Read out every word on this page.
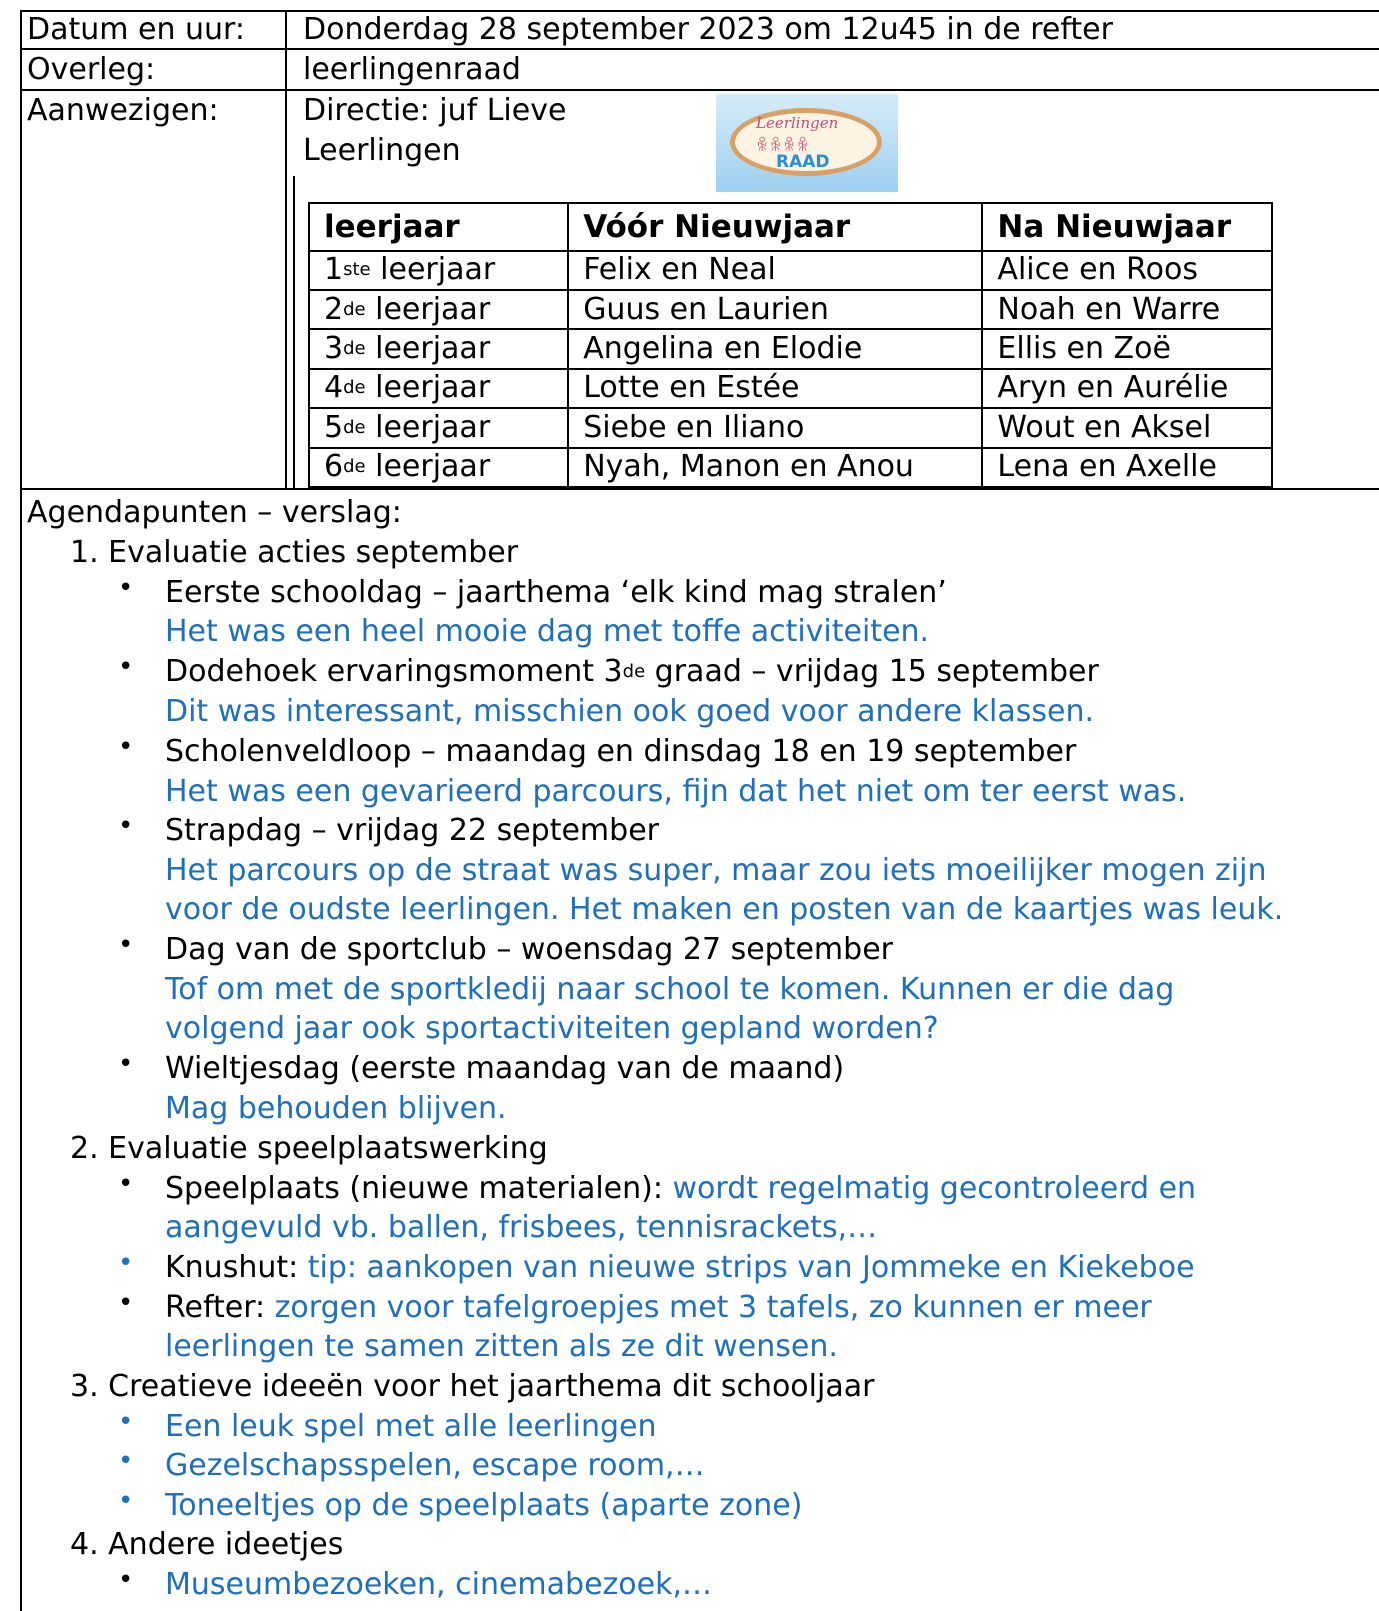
Datum en uur: Donderdag 28 september 2023 om 12u45 in de refter
Overleg:	leerlingenraad
Aanwezigen:	Directie: juf Lieve
Leerlingen
Leerlingen
ꆜꆜꆜꆜ
RAAD
leerjaar	Vóór Nieuwjaar	Na Nieuwjaar
1ste leerjaar	Felix en Neal	Alice en Roos
2de leerjaar	Guus en Laurien	Noah en Warre
3de leerjaar	Angelina en Elodie	Ellis en Zoë
4de leerjaar	Lotte en Estée	Aryn en Aurélie
5de leerjaar	Siebe en Iliano	Wout en Aksel
6de leerjaar	Nyah, Manon en Anou	Lena en Axelle
Agendapunten – verslag:
1. Evaluatie acties september
• Eerste schooldag – jaarthema ‘elk kind mag stralen’
Het was een heel mooie dag met toffe activiteiten.
• Dodehoek ervaringsmoment 3de graad – vrijdag 15 september
Dit was interessant, misschien ook goed voor andere klassen.
• Scholenveldloop – maandag en dinsdag 18 en 19 september
Het was een gevarieerd parcours, fijn dat het niet om ter eerst was.
• Strapdag – vrijdag 22 september
Het parcours op de straat was super, maar zou iets moeilijker mogen zijn
voor de oudste leerlingen. Het maken en posten van de kaartjes was leuk.
• Dag van de sportclub – woensdag 27 september
Tof om met de sportkledij naar school te komen. Kunnen er die dag
volgend jaar ook sportactiviteiten gepland worden?
• Wieltjesdag (eerste maandag van de maand)
Mag behouden blijven.
2. Evaluatie speelplaatswerking
• Speelplaats (nieuwe materialen): wordt regelmatig gecontroleerd en
aangevuld vb. ballen, frisbees, tennisrackets,…
• Knushut: tip: aankopen van nieuwe strips van Jommeke en Kiekeboe
• Refter: zorgen voor tafelgroepjes met 3 tafels, zo kunnen er meer
leerlingen te samen zitten als ze dit wensen.
3. Creatieve ideeën voor het jaarthema dit schooljaar
• Een leuk spel met alle leerlingen
• Gezelschapsspelen, escape room,…
• Toneeltjes op de speelplaats (aparte zone)
4. Andere ideetjes
• Museumbezoeken, cinemabezoek,…
